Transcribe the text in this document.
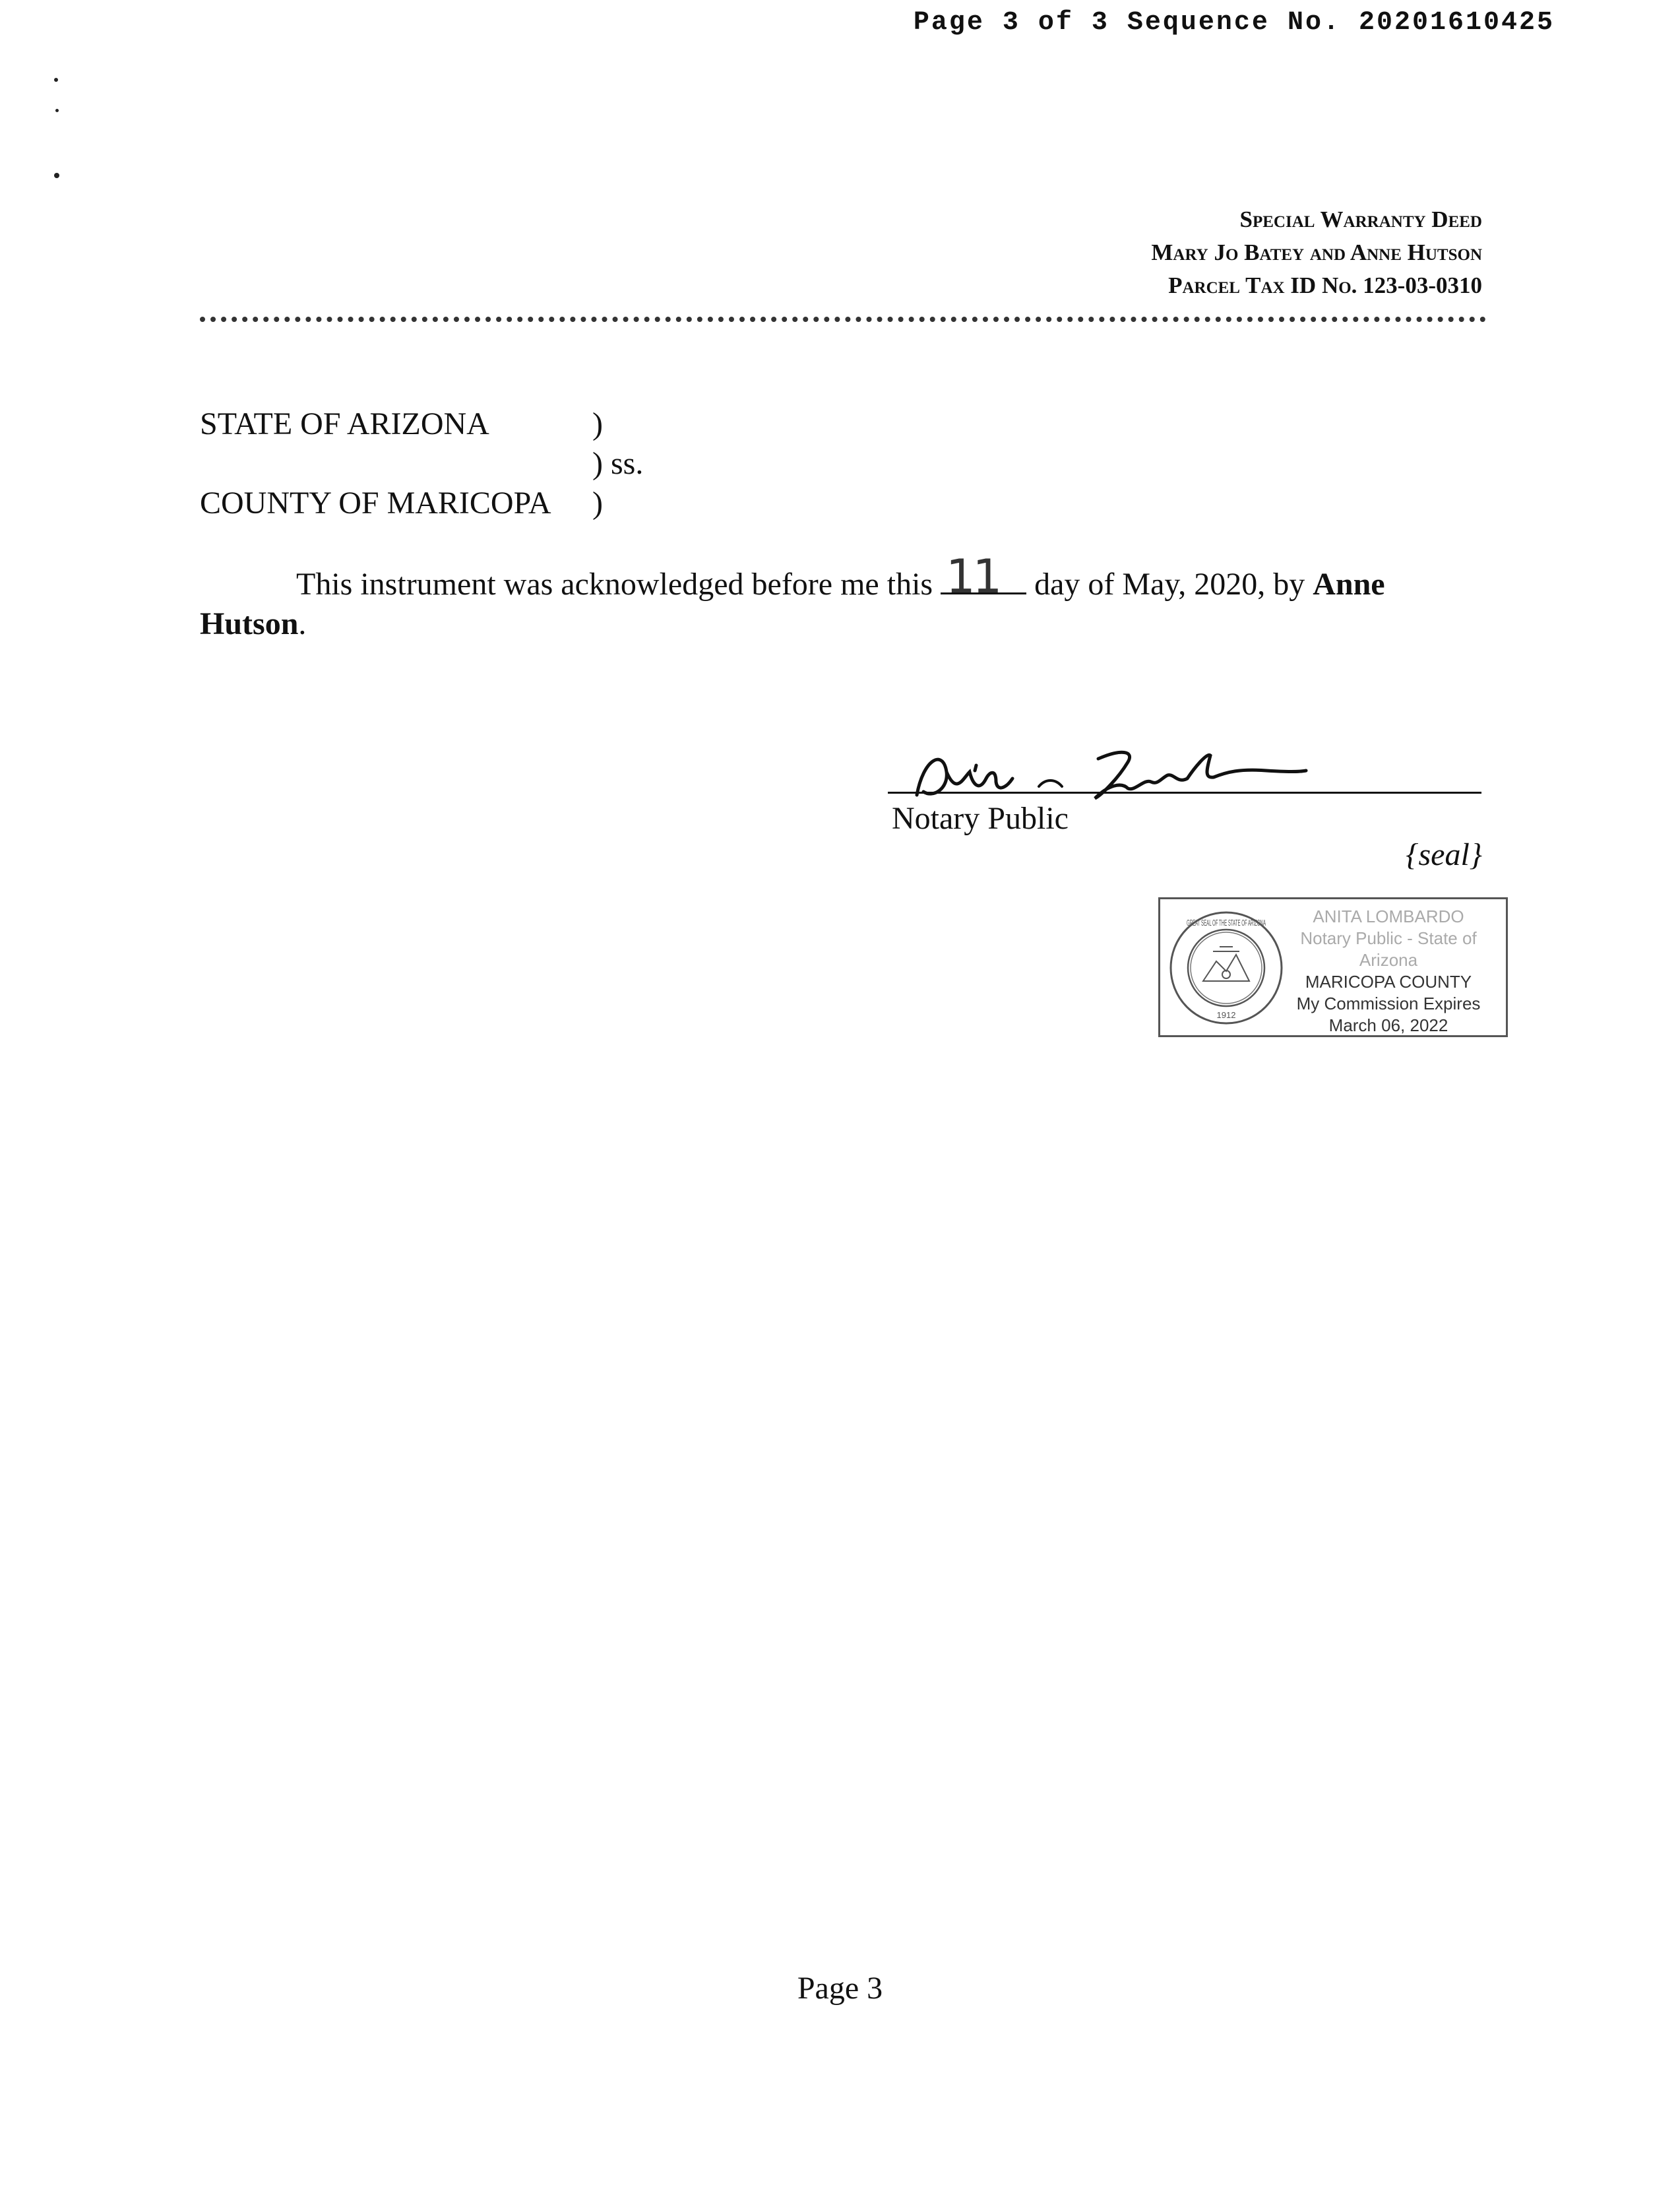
Page 3 of 3 Sequence No. 20201610425
Special Warranty Deed
Mary Jo Batey and Anne Hutson
Parcel Tax ID No. 123-03-0310
STATE OF ARIZONA	)
) ss.
COUNTY OF MARICOPA )
This instrument was acknowledged before me this 11 day of May, 2020, by Anne
Hutson.
Notary Public
{seal}
GREAT SEAL OF THE STATE OF ARIZONA
1912
ANITA LOMBARDO
Notary Public - State of Arizona
MARICOPA COUNTY
My Commission Expires
March 06, 2022
Page 3
